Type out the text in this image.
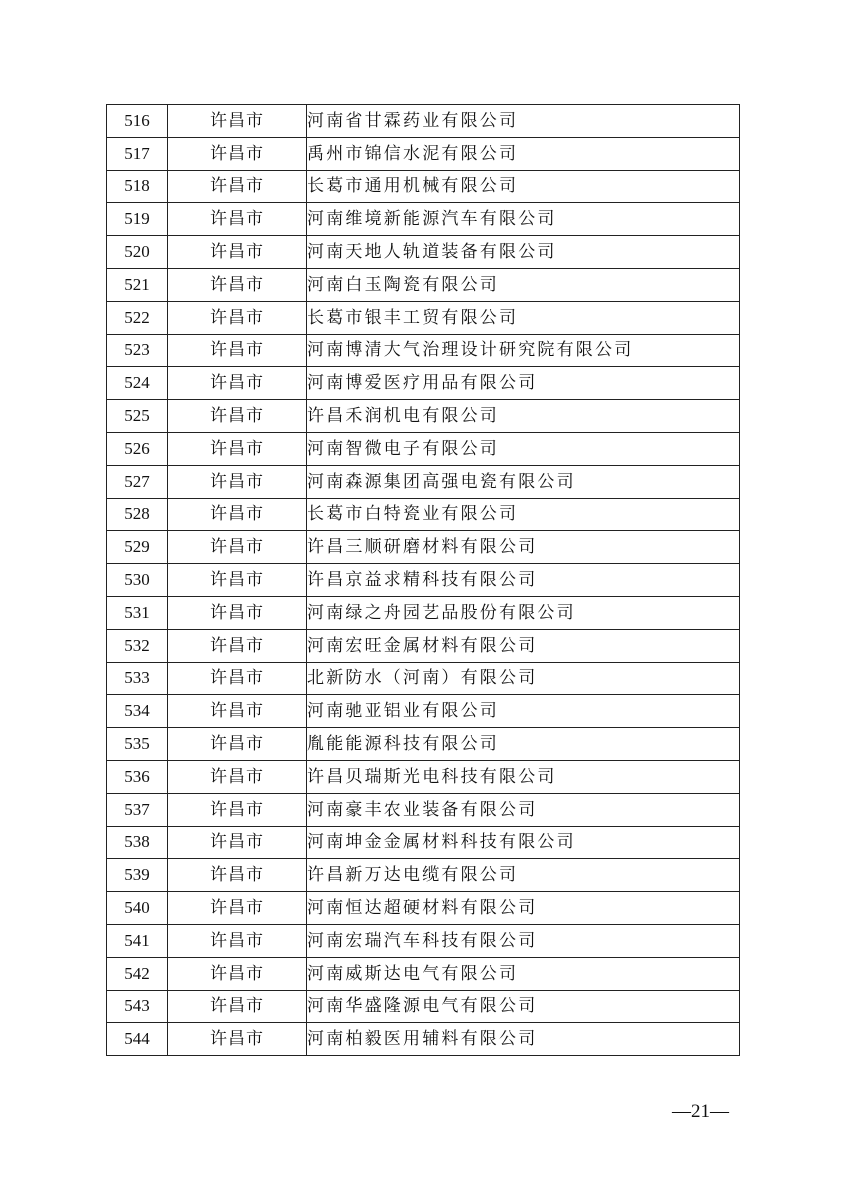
516	许昌市	河南省甘霖药业有限公司
517	许昌市	禹州市锦信水泥有限公司
518	许昌市	长葛市通用机械有限公司
519	许昌市	河南维境新能源汽车有限公司
520	许昌市	河南天地人轨道装备有限公司
521	许昌市	河南白玉陶瓷有限公司
522	许昌市	长葛市银丰工贸有限公司
523	许昌市	河南博清大气治理设计研究院有限公司
524	许昌市	河南博爱医疗用品有限公司
525	许昌市	许昌禾润机电有限公司
526	许昌市	河南智微电子有限公司
527	许昌市	河南森源集团高强电瓷有限公司
528	许昌市	长葛市白特瓷业有限公司
529	许昌市	许昌三顺研磨材料有限公司
530	许昌市	许昌京益求精科技有限公司
531	许昌市	河南绿之舟园艺品股份有限公司
532	许昌市	河南宏旺金属材料有限公司
533	许昌市	北新防水（河南）有限公司
534	许昌市	河南驰亚铝业有限公司
535	许昌市	胤能能源科技有限公司
536	许昌市	许昌贝瑞斯光电科技有限公司
537	许昌市	河南豪丰农业装备有限公司
538	许昌市	河南坤金金属材料科技有限公司
539	许昌市	许昌新万达电缆有限公司
540	许昌市	河南恒达超硬材料有限公司
541	许昌市	河南宏瑞汽车科技有限公司
542	许昌市	河南威斯达电气有限公司
543	许昌市	河南华盛隆源电气有限公司
544	许昌市	河南柏毅医用辅料有限公司
—21—
